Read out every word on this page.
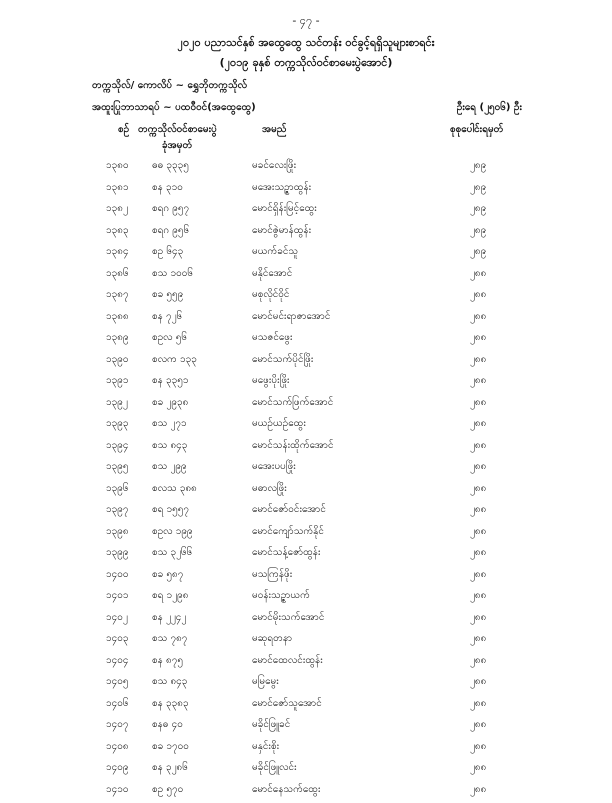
- ၄၇ -
၂၀၂၀ ပညာသင်နှစ် အထွေထွေ သင်တန်း ဝင်ခွင့်ရရှိသူများစာရင်း
(၂၀၁၉ ခုနှစ် တက္ကသိုလ်ဝင်စာမေးပွဲအောင်)
တက္ကသိုလ်/ ကောလိပ် ~ ရွှေဘိုတက္ကသိုလ်
အထူးပြုဘာသာရပ် ~ ပထဝီဝင်(အထွေထွေ)	ဦးရေ (၂၅၀၆) ဦး
စဉ် တက္ကသိုလ်ဝင်စာမေးပွဲ
ခုံအမှတ်
အမည်	စုစုပေါင်းရမှတ်
၁၃၈၀ ဓဓ ၃၃၃၅	မခင်လေးဖြိုး	၂၈၉
၁၃၈၁ စန ၃၁၀	မအေးသဉ္ဇာထွန်း	၂၈၉
၁၃၈၂ စရဂ ၉၅၇	မောင်ရှိန်းမြင့်ထွေး	၂၈၉
၁၃၈၃ စရဂ ၉၅၆	မောင်ဇွဲမာန်ထွန်း	၂၈၉
၁၃၈၄ စဥ ၆၄၃	မယက်ခင်သူ	၂၈၉
၁၃၈၆ စသ ၁၀၀၆	မနိုင်အောင်	၂၈၈
၁၃၈၇ စခ ၅၅၉	မစုလိုင်ဝိုင်	၂၈၈
၁၃၈၈ စန ၇၂၆	မောင်မင်းရာဇာအောင်	၂၈၈
၁၃၈၉ စဥလ ၅၆	မသဇင်ဖွေး	၂၈၈
၁၃၉၀ စလက ၁၃၃	မောင်သက်ပိုင်ဖြိုး	၂၈၈
၁၃၉၁ စန ၃၃၅၁	မဖွေးပိုးဖြိုး	၂၈၈
၁၃၉၂ စခ ၂၉၃၈	မောင်သက်ဖြက်အောင်	၂၈၈
၁၃၉၃ စသ ၂၇၁	မယဉ်ယဉ်ထွေး	၂၈၈
၁၃၉၄ စသ ၈၄၃	မောင်သန်းထိုက်အောင်	၂၈၈
၁၃၉၅ စသ ၂၉၉	မအေးပပဖြိုး	၂၈၈
၁၃၉၆ စလသ ၃၈၈	မဓာလဖြိုး	၂၈၈
၁၃၉၇ စရ ၁၅၅၇	မောင်ဇော်ဝင်းအောင်	၂၈၈
၁၃၉၈ စဥလ ၁၉၉	မောင်ကျော်သက်နိုင်	၂၈၈
၁၃၉၉ စသ ၃၂၆၆	မောင်သန့်ဇော်ထွန်း	၂၈၈
၁၄၀၀ စခ ၅၈၇	မသကြန်ဖိုး	၂၈၈
၁၄၀၁ စရ ၁၂၉၈	မဝန်းသဉ္ဇာယက်	၂၈၈
၁၄၀၂ စန ၂၂၄၂	မောင်မိုးသက်အောင်	၂၈၈
၁၄၀၃ စသ ၇၈၇	မဆုရတနာ	၂၈၈
၁၄၀၄ စန ၈၇၅	မောင်ထေလင်းထွန်း	၂၈၈
၁၄၀၅ စသ ၈၄၃	မမြမွေး	၂၈၈
၁၄၀၆ စန ၃၃၈၃	မောင်ဇော်သူအောင်	၂၈၈
၁၄၀၇ စနဓ ၄၀	မခိုင်ဖြူခင်	၂၈၈
၁၄၀၈ စခ ၁၇၀၀	မနှင်းစိုး	၂၈၈
၁၄၀၉ စန ၃၂၈၆	မခိုင်ဖြူလင်း	၂၈၈
၁၄၁၀ စဥ ၅၇၀	မောင်နေသက်ထွေး	၂၈၈
